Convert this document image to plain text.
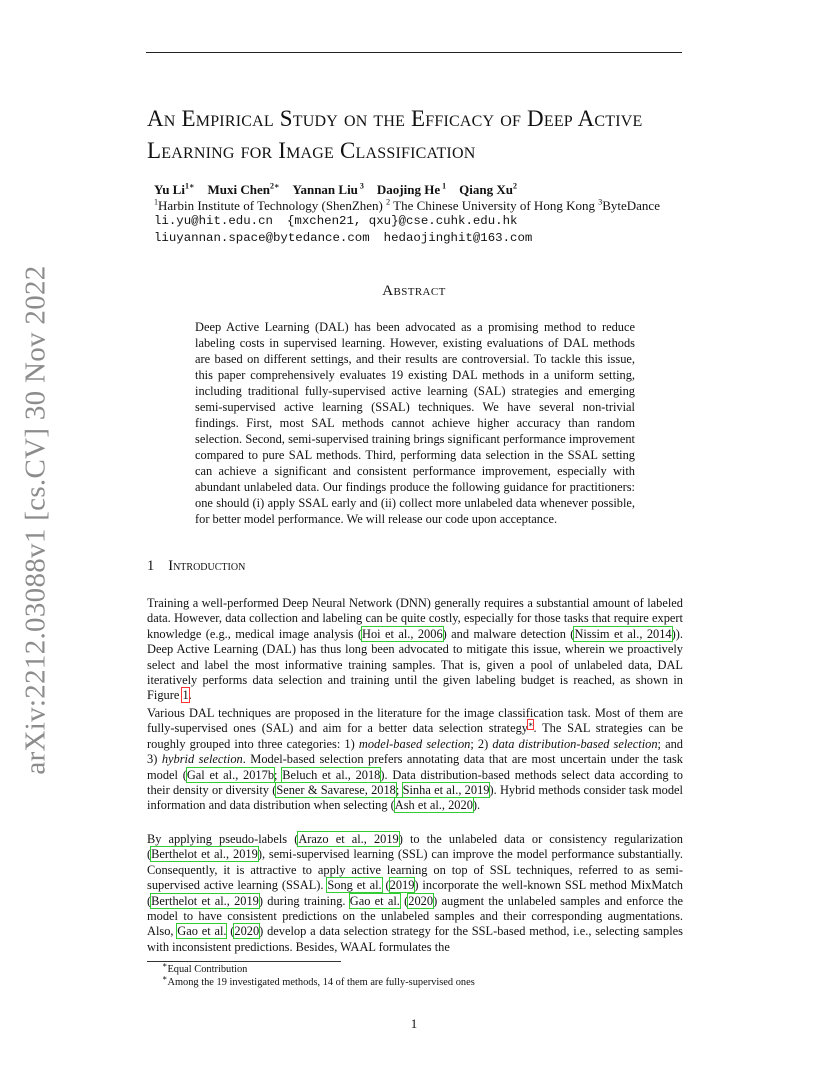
arXiv:2212.03088v1 [cs.CV] 30 Nov 2022
An Empirical Study on the Efficacy of Deep Active Learning for Image Classification

Yu $Li^{1∗}$ Muxi Chen$^{2∗}$ Yannan Liu $^3$ Daojing He $^1$ Qiang Xu$^2$

$^1$Harbin Institute of Technology (ShenZhen) $^2$ The Chinese University of Hong Kong $^3$ByteDance
li.yu@hit.edu.cn {mxchen21, qxu}@cse.cuhk.edu.hk
liuyannan.space@bytedance.com hedaojinghit@163.com
Abstract

Deep Active Learning (DAL) has been advocated as a promising method to reduce labeling costs in supervised learning. However, existing evaluations of DAL methods are based on different settings, and their results are controversial. To tackle this issue, this paper comprehensively evaluates 19 existing DAL methods in a uniform setting, including traditional fully-supervised active learning (SAL) strategies and emerging semi-supervised active learning (SSAL) techniques. We have several non-trivial findings. First, most SAL methods cannot achieve higher accuracy than random selection. Second, semi-supervised training brings significant performance improvement compared to pure SAL methods. Third, performing data selection in the SSAL setting can achieve a significant and consistent performance improvement, especially with abundant unlabeled data. Our findings produce the following guidance for practitioners: one should (i) apply SSAL early and (ii) collect more unlabeled data whenever possible, for better model performance. We will release our code upon acceptance.

1 Introduction

Training a well-performed Deep Neural Network (DNN) generally requires a substantial amount of labeled data. However, data collection and labeling can be quite costly, especially for those tasks that require expert knowledge (e.g., medical image analysis (Hoi et al., 2006) and malware detection (Nissim et al., 2014)). Deep Active Learning (DAL) has thus long been advocated to mitigate this issue, wherein we proactively select and label the most informative training samples. That is, given a pool of unlabeled data, DAL iteratively performs data selection and training until the given labeling budget is reached, as shown in Figure 1.

Various DAL techniques are proposed in the literature for the image classification task. Most of them are fully-supervised ones (SAL) and aim for a better data selection strategy∗. The SAL strategies can be roughly grouped into three categories: 1) model-based selection; 2) data distribution-based selection; and 3) hybrid selection. Model-based selection prefers annotating data that are most uncertain under the task model (Gal et al., 2017b; Beluch et al., 2018). Data distribution-based methods select data according to their density or diversity (Sener & Savarese, 2018; Sinha et al., 2019). Hybrid methods consider task model information and data distribution when selecting (Ash et al., 2020).

By applying pseudo-labels (Arazo et al., 2019) to the unlabeled data or consistency regularization (Berthelot et al., 2019), semi-supervised learning (SSL) can improve the model performance substantially. Consequently, it is attractive to apply active learning on top of SSL techniques, referred to as semi-supervised active learning (SSAL). Song et al. (2019) incorporate the well-known SSL method MixMatch (Berthelot et al., 2019) during training. Gao et al. (2020) augment the unlabeled samples and enforce the model to have consistent predictions on the unlabeled samples and their corresponding augmentations. Also, Gao et al. (2020) develop a data selection strategy for the SSL-based method, i.e., selecting samples with inconsistent predictions. Besides, WAAL formulates the

∗Equal Contribution
∗Among the 19 investigated methods, 14 of them are fully-supervised ones
1
